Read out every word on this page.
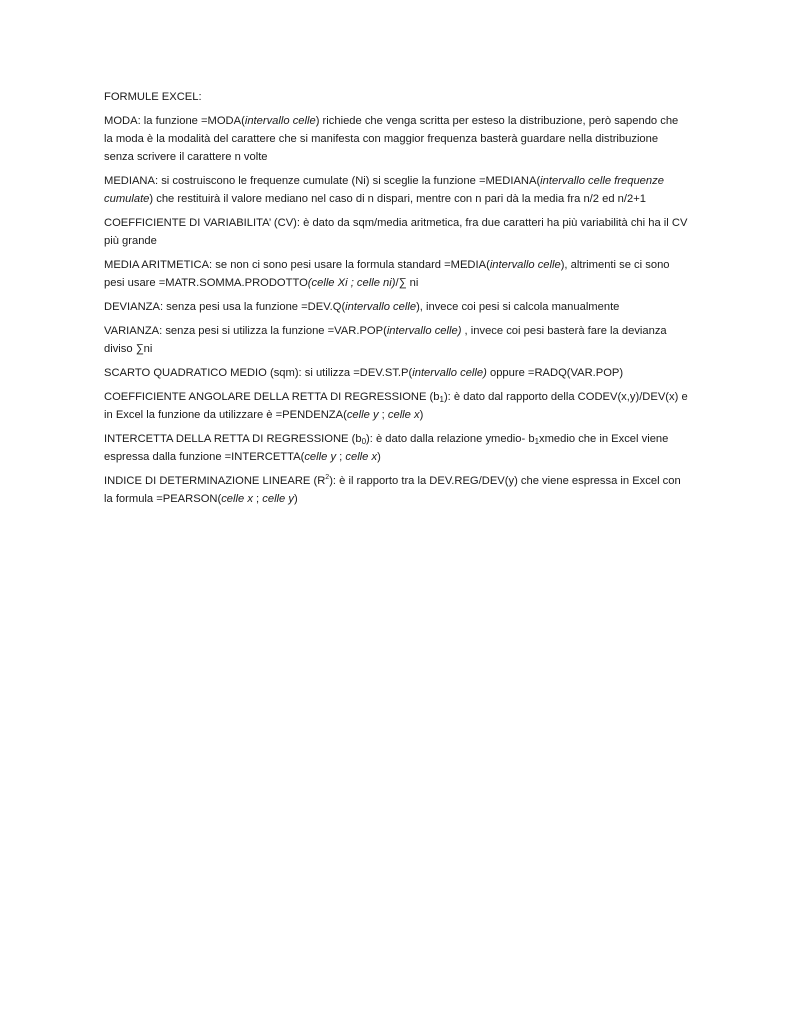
FORMULE EXCEL:

MODA: la funzione =MODA(intervallo celle) richiede che venga scritta per esteso la distribuzione, però sapendo che la moda è la modalità del carattere che si manifesta con maggior frequenza basterà guardare nella distribuzione senza scrivere il carattere n volte

MEDIANA: si costruiscono le frequenze cumulate (Ni) si sceglie la funzione =MEDIANA(intervallo celle frequenze cumulate) che restituirà il valore mediano nel caso di n dispari, mentre con n pari dà la media fra n/2 ed n/2+1

COEFFICIENTE DI VARIABILITA’ (CV): è dato da sqm/media aritmetica, fra due caratteri ha più variabilità chi ha il CV più grande

MEDIA ARITMETICA: se non ci sono pesi usare la formula standard =MEDIA(intervallo celle), altrimenti se ci sono pesi usare =MATR.SOMMA.PRODOTTO(celle Xi ; celle ni)/∑ ni

DEVIANZA: senza pesi usa la funzione =DEV.Q(intervallo celle), invece coi pesi si calcola manualmente

VARIANZA: senza pesi si utilizza la funzione =VAR.POP(intervallo celle) , invece coi pesi basterà fare la devianza diviso ∑ni

SCARTO QUADRATICO MEDIO (sqm): si utilizza =DEV.ST.P(intervallo celle) oppure =RADQ(VAR.POP)

COEFFICIENTE ANGOLARE DELLA RETTA DI REGRESSIONE $(b_1)$: è dato dal rapporto della CODEV(x,y)/DEV(x) e in Excel la funzione da utilizzare è =PENDENZA(celle y ; celle x)

INTERCETTA DELLA RETTA DI REGRESSIONE $(b_0)$: è dato dalla relazione ymedio- $b_1xmedio$ che in Excel viene espressa dalla funzione =INTERCETTA(celle y ; celle x)

INDICE DI DETERMINAZIONE LINEARE $(R^2)$: è il rapporto tra la DEV.REG/DEV(y) che viene espressa in Excel con la formula =PEARSON(celle x ; celle y)
